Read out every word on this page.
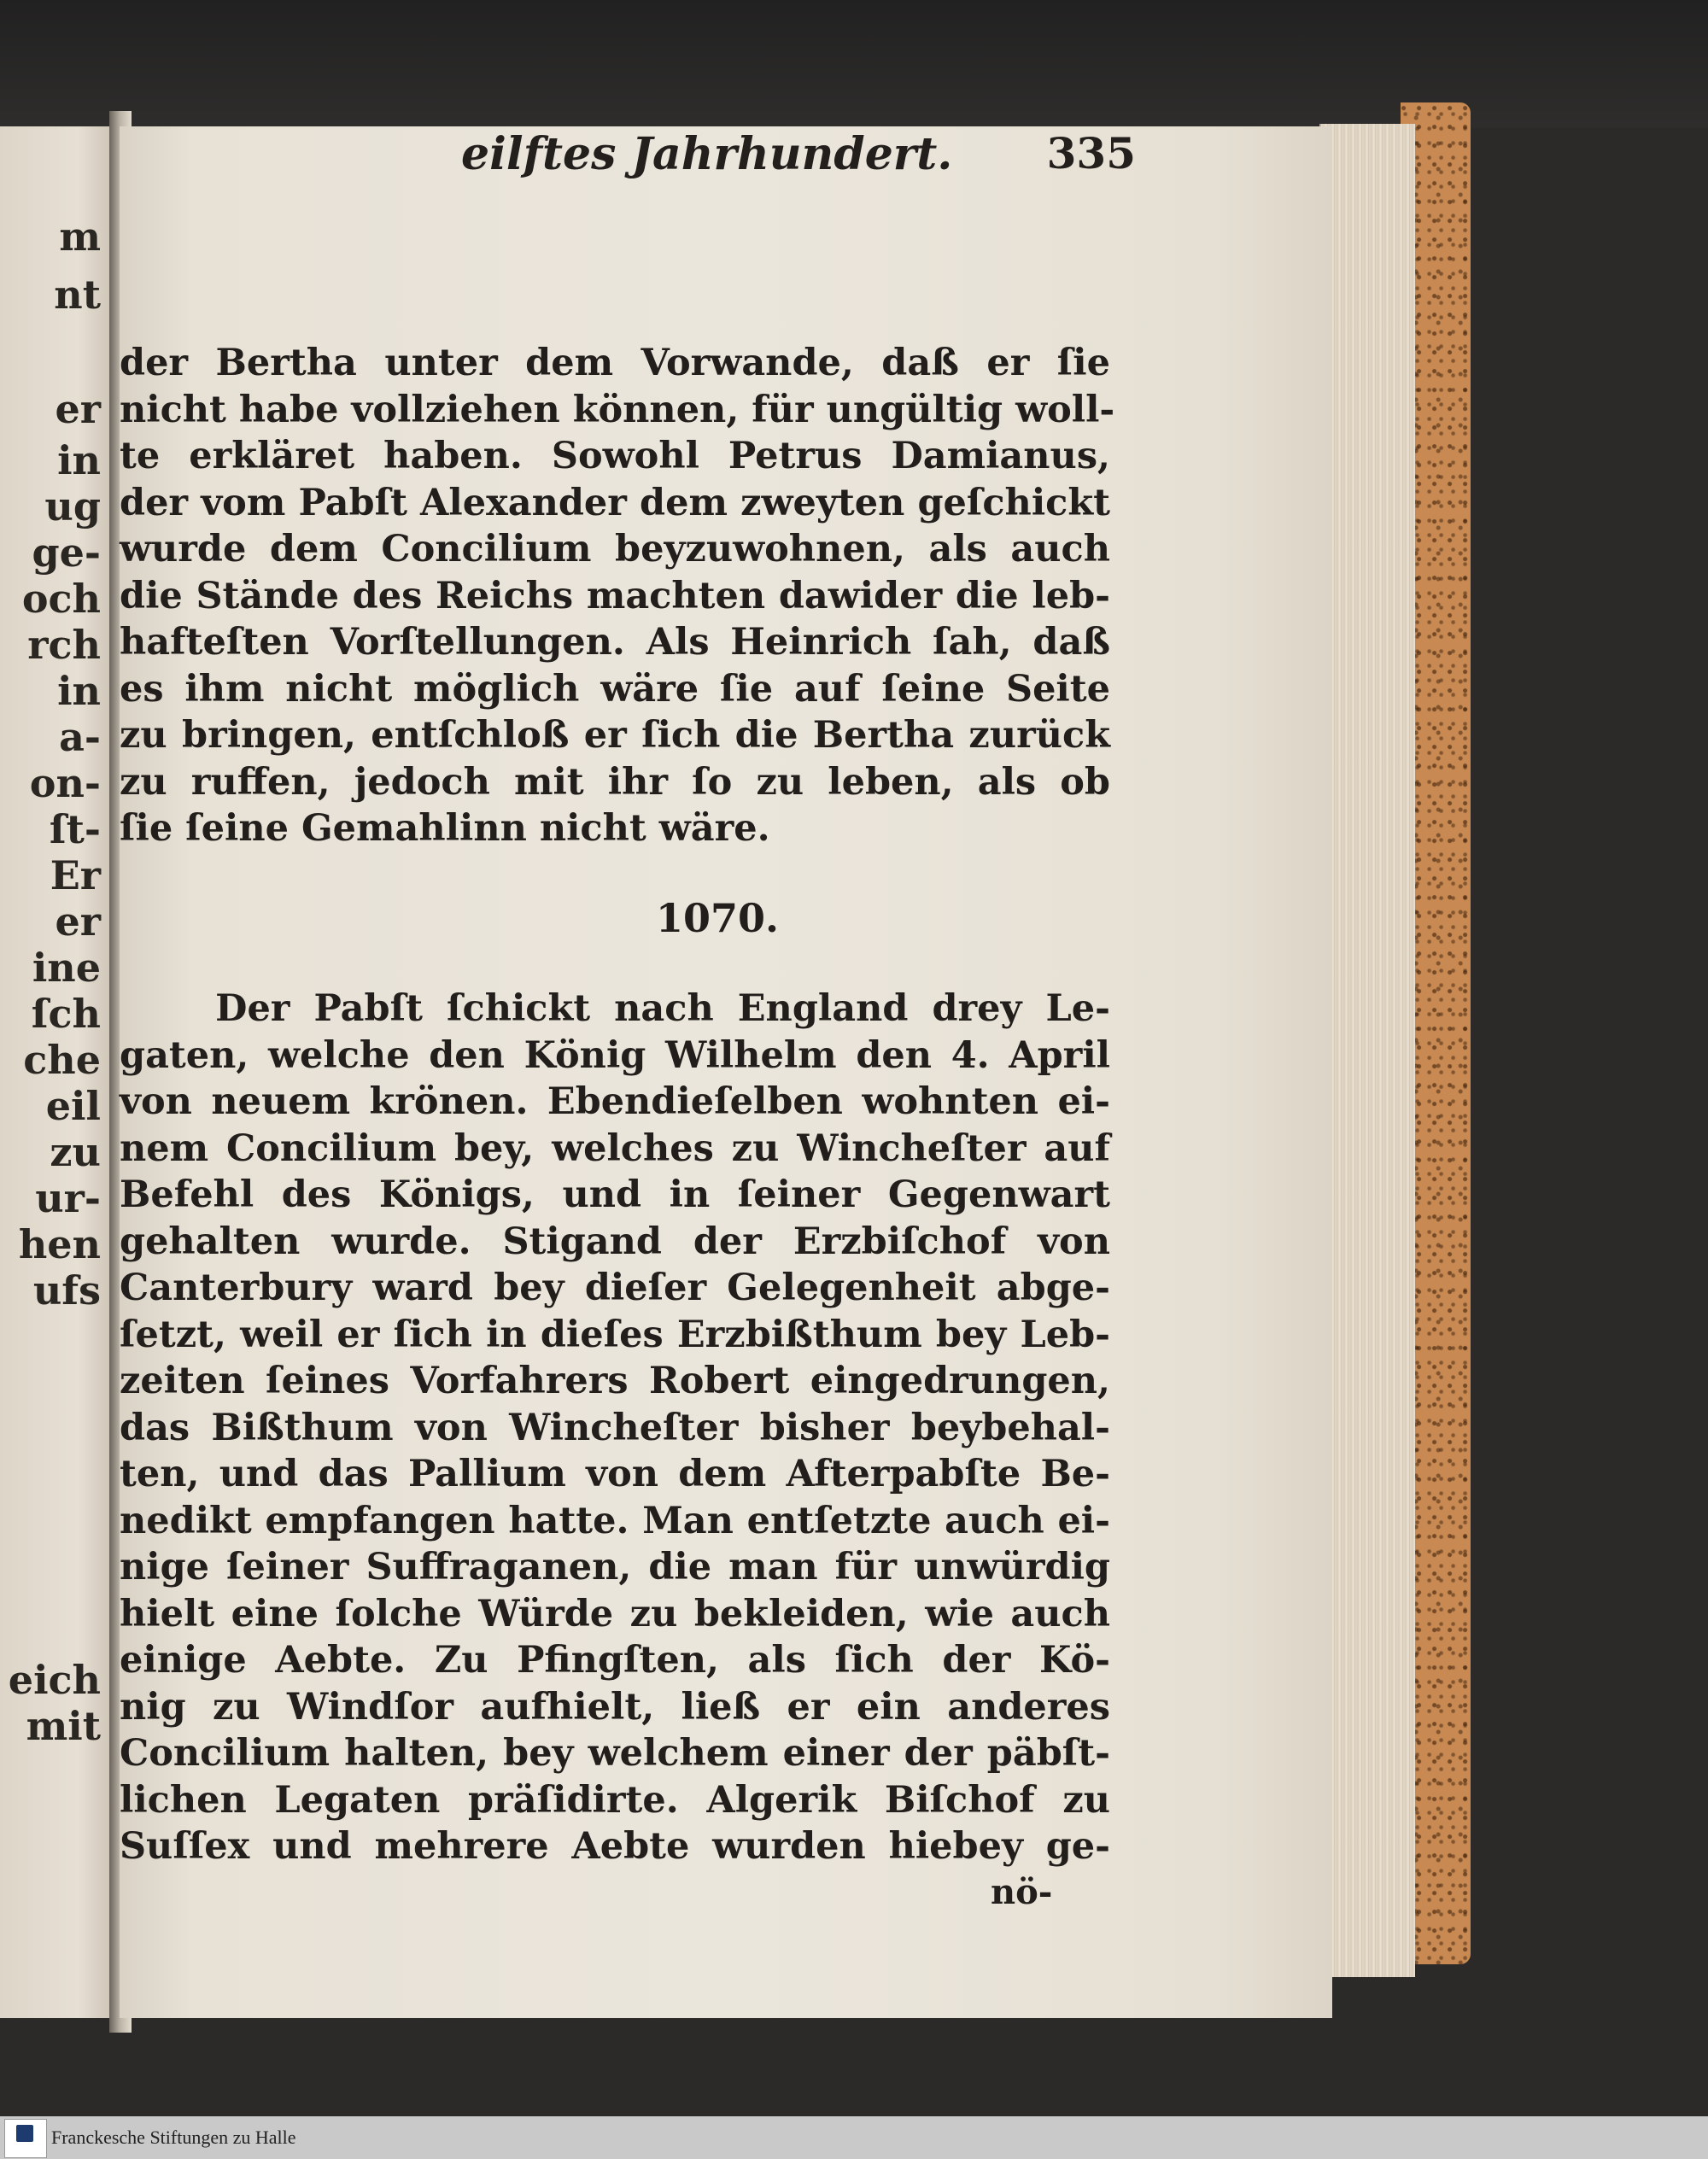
m
nt
er
in
ug
ge‑
och
rch
in
a‑
on‑
ſt‑
Er
er
ine
ſch
che
eil
zu
ur‑
hen
ufs
eich
mit
eilftes Jahrhundert. 335
der Bertha unter dem Vorwande, daß er ſie
nicht habe vollziehen können, für ungültig woll‑
te erkläret haben. Sowohl Petrus Damianus,
der vom Pabſt Alexander dem zweyten geſchickt
wurde dem Concilium beyzuwohnen, als auch
die Stände des Reichs machten dawider die leb‑
hafteſten Vorſtellungen. Als Heinrich ſah, daß
es ihm nicht möglich wäre ſie auf ſeine Seite
zu bringen, entſchloß er ſich die Bertha zurück
zu ruffen, jedoch mit ihr ſo zu leben, als ob
ſie ſeine Gemahlinn nicht wäre.
1070.
Der Pabſt ſchickt nach England drey Le‑
gaten, welche den König Wilhelm den 4. April
von neuem krönen. Ebendieſelben wohnten ei‑
nem Concilium bey, welches zu Wincheſter auf
Befehl des Königs, und in ſeiner Gegenwart
gehalten wurde. Stigand der Erzbiſchof von
Canterbury ward bey dieſer Gelegenheit abge‑
ſetzt, weil er ſich in dieſes Erzbißthum bey Leb‑
zeiten ſeines Vorfahrers Robert eingedrungen,
das Bißthum von Wincheſter bisher beybehal‑
ten, und das Pallium von dem Afterpabſte Be‑
nedikt empfangen hatte. Man entſetzte auch ei‑
nige ſeiner Suffraganen, die man für unwürdig
hielt eine ſolche Würde zu bekleiden, wie auch
einige Aebte. Zu Pfingſten, als ſich der Kö‑
nig zu Windſor aufhielt, ließ er ein anderes
Concilium halten, bey welchem einer der päbſt‑
lichen Legaten präſidirte. Algerik Biſchof zu
Suſſex und mehrere Aebte wurden hiebey ge‑
nö‑
Franckesche Stiftungen zu Halle
